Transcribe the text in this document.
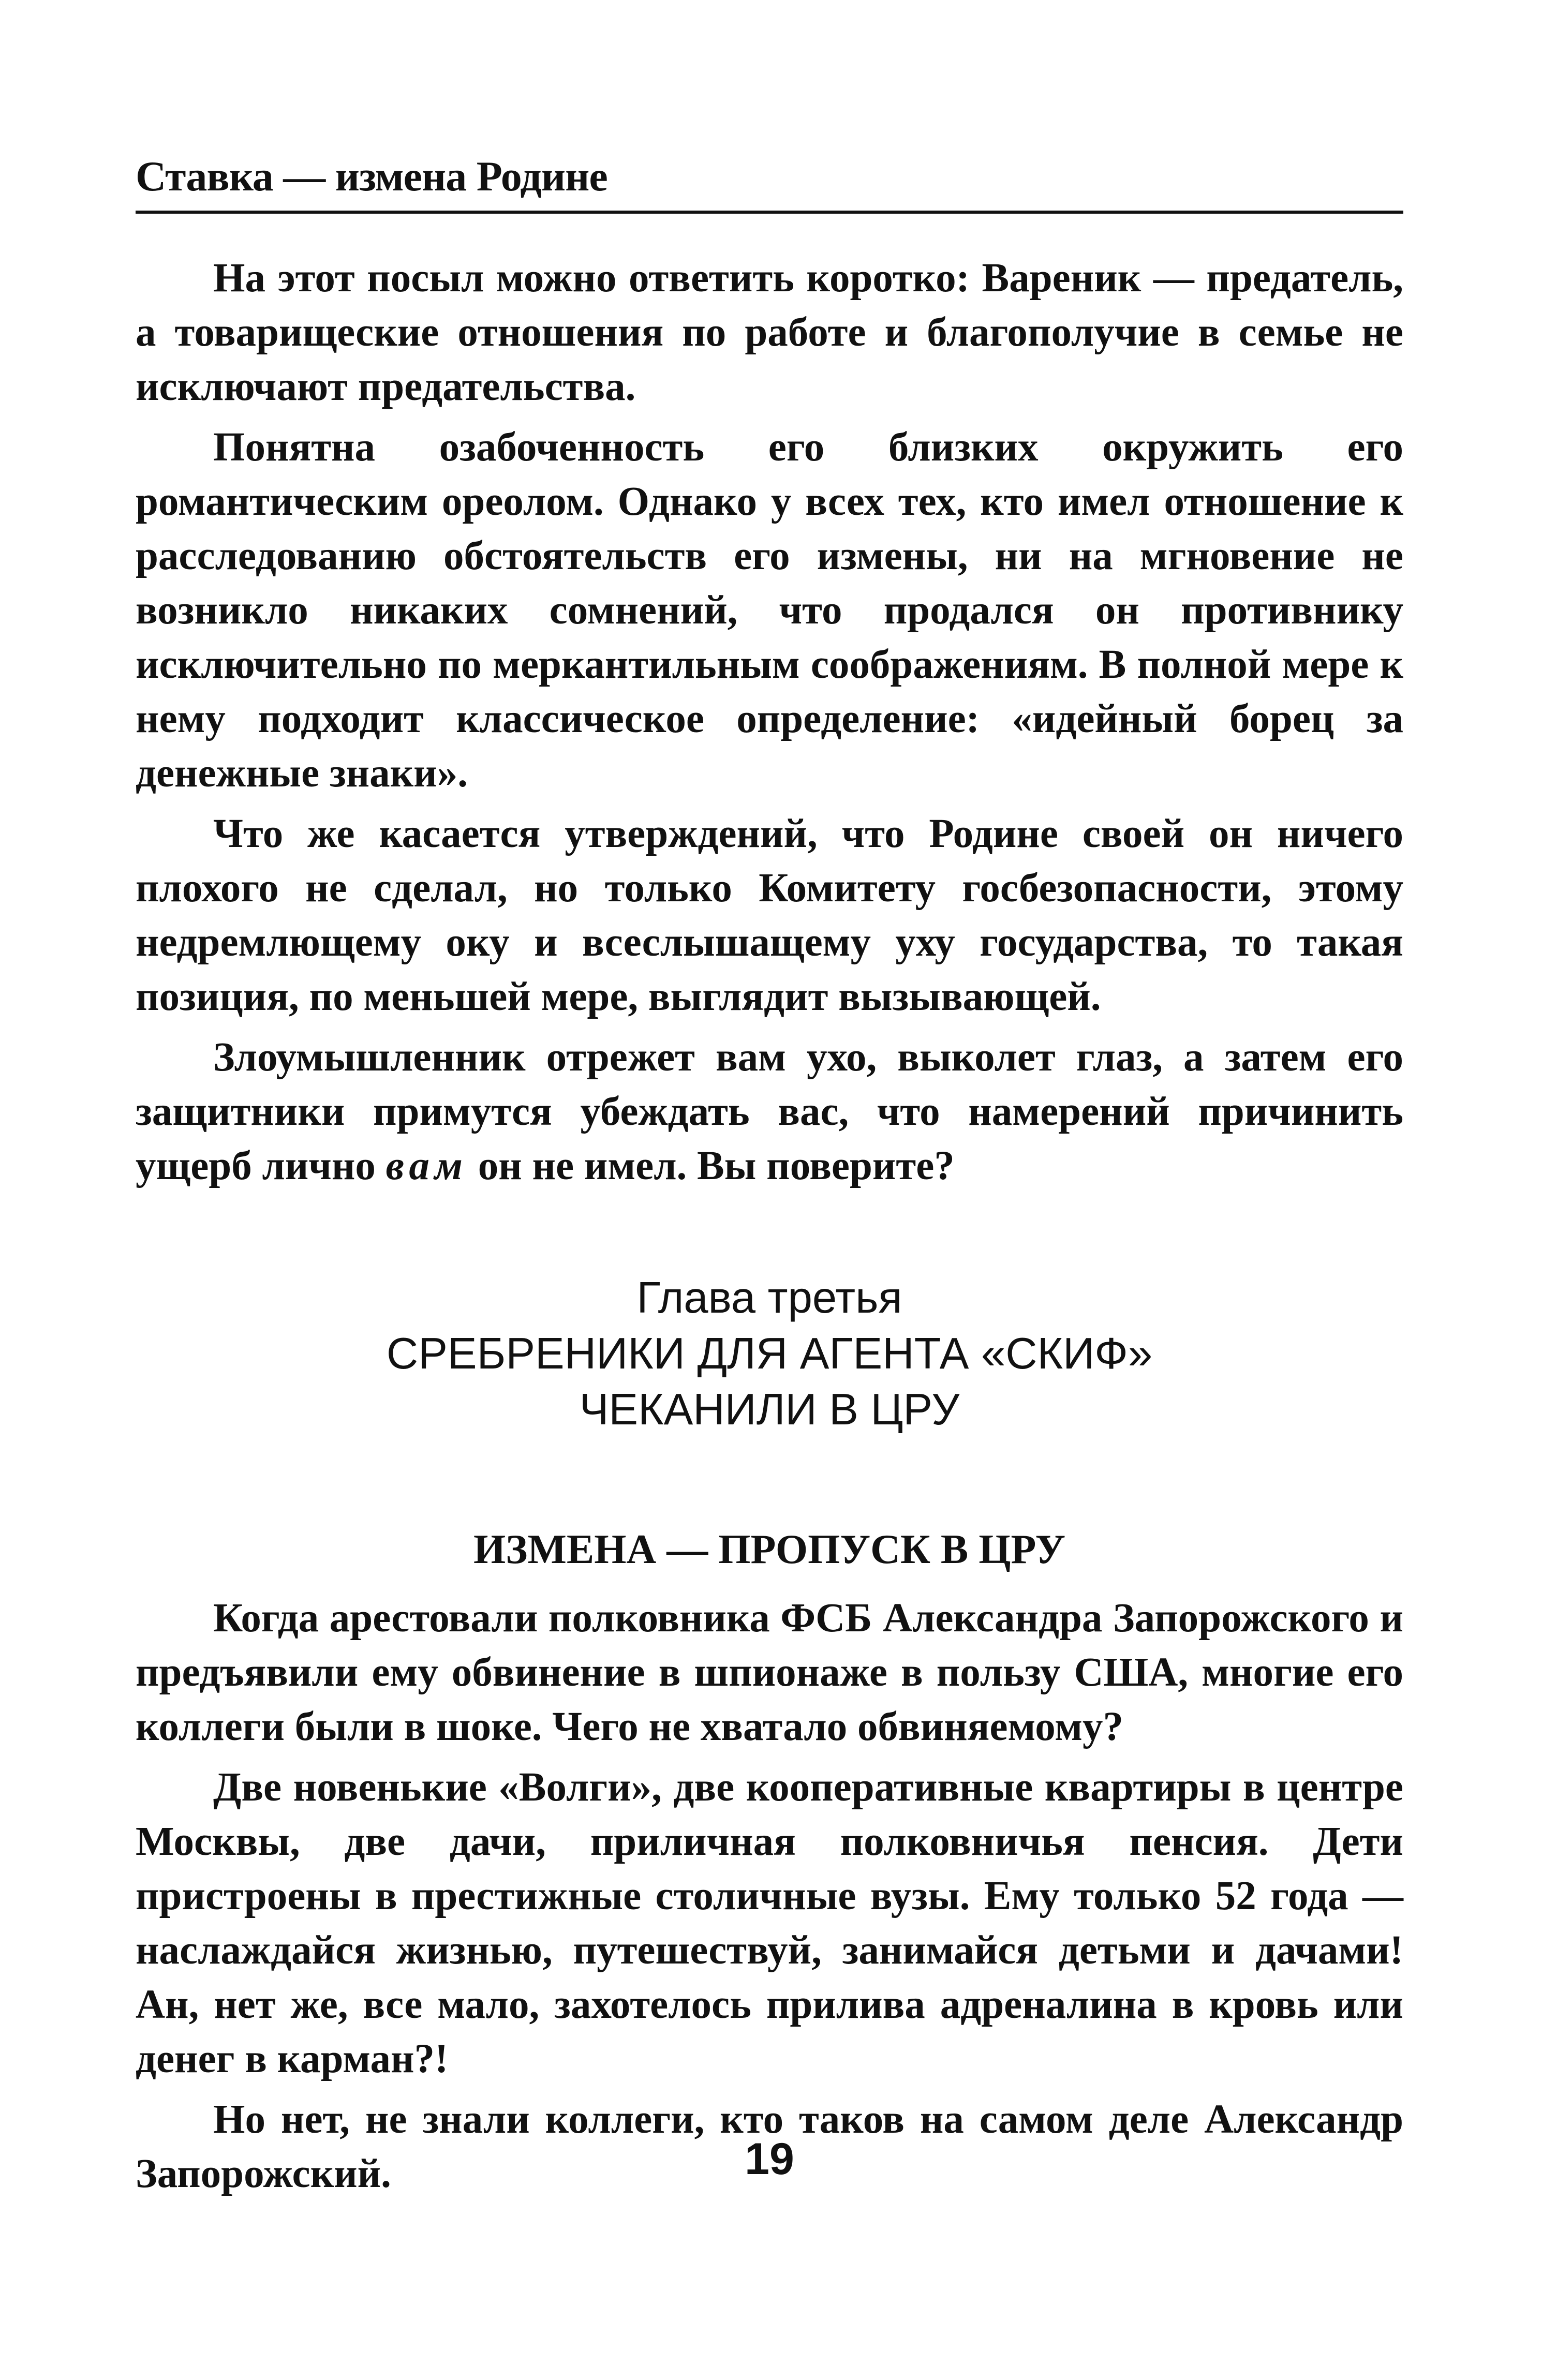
Ставка — измена Родине

На этот посыл можно ответить коротко: Вареник — предатель, а товарищеские отношения по работе и благополучие в семье не исключают предательства.

Понятна озабоченность его близких окружить его романтическим ореолом. Однако у всех тех, кто имел отношение к расследованию обстоятельств его измены, ни на мгновение не возникло никаких сомнений, что продался он противнику исключительно по меркантильным соображениям. В полной мере к нему подходит классическое определение: «идейный борец за денежные знаки».

Что же касается утверждений, что Родине своей он ничего плохого не сделал, но только Комитету госбезопасности, этому недремлющему оку и всеслышащему уху государства, то такая позиция, по меньшей мере, выглядит вызывающей.

Злоумышленник отрежет вам ухо, выколет глаз, а затем его защитники примутся убеждать вас, что намерений причинить ущерб лично вам он не имел. Вы поверите?

Глава третья
СРЕБРЕНИКИ ДЛЯ АГЕНТА «СКИФ»
ЧЕКАНИЛИ В ЦРУ
ИЗМЕНА — ПРОПУСК В ЦРУ

Когда арестовали полковника ФСБ Александра Запорожского и предъявили ему обвинение в шпионаже в пользу США, многие его коллеги были в шоке. Чего не хватало обвиняемому?

Две новенькие «Волги», две кооперативные квартиры в центре Москвы, две дачи, приличная полковничья пенсия. Дети пристроены в престижные столичные вузы. Ему только 52 года — наслаждайся жизнью, путешествуй, занимайся детьми и дачами! Ан, нет же, все мало, захотелось прилива адреналина в кровь или денег в карман?!

Но нет, не знали коллеги, кто таков на самом деле Александр Запорожский.	19
